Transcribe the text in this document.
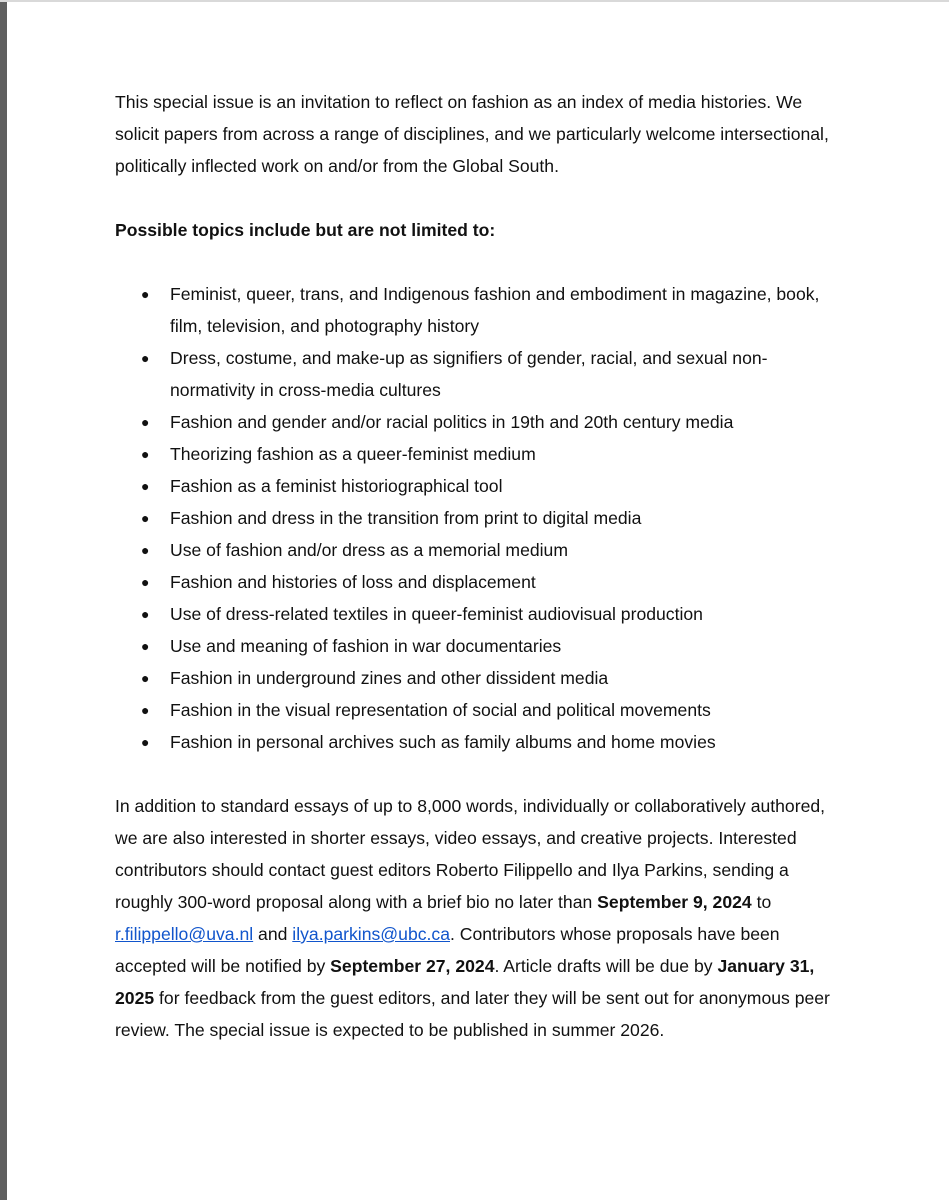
This special issue is an invitation to reflect on fashion as an index of media histories. We solicit papers from across a range of disciplines, and we particularly welcome intersectional, politically inflected work on and/or from the Global South.

Possible topics include but are not limited to:

● Feminist, queer, trans, and Indigenous fashion and embodiment in magazine, book, film, television, and photography history
● Dress, costume, and make-up as signifiers of gender, racial, and sexual non-normativity in cross-media cultures
● Fashion and gender and/or racial politics in 19th and 20th century media
● Theorizing fashion as a queer-feminist medium
● Fashion as a feminist historiographical tool
● Fashion and dress in the transition from print to digital media
● Use of fashion and/or dress as a memorial medium
● Fashion and histories of loss and displacement
● Use of dress-related textiles in queer-feminist audiovisual production
● Use and meaning of fashion in war documentaries
● Fashion in underground zines and other dissident media
● Fashion in the visual representation of social and political movements
● Fashion in personal archives such as family albums and home movies

In addition to standard essays of up to 8,000 words, individually or collaboratively authored, we are also interested in shorter essays, video essays, and creative projects. Interested contributors should contact guest editors Roberto Filippello and Ilya Parkins, sending a roughly 300-word proposal along with a brief bio no later than September 9, 2024 to r.filippello@uva.nl and ilya.parkins@ubc.ca. Contributors whose proposals have been accepted will be notified by September 27, 2024. Article drafts will be due by January 31, 2025 for feedback from the guest editors, and later they will be sent out for anonymous peer review. The special issue is expected to be published in summer 2026.
